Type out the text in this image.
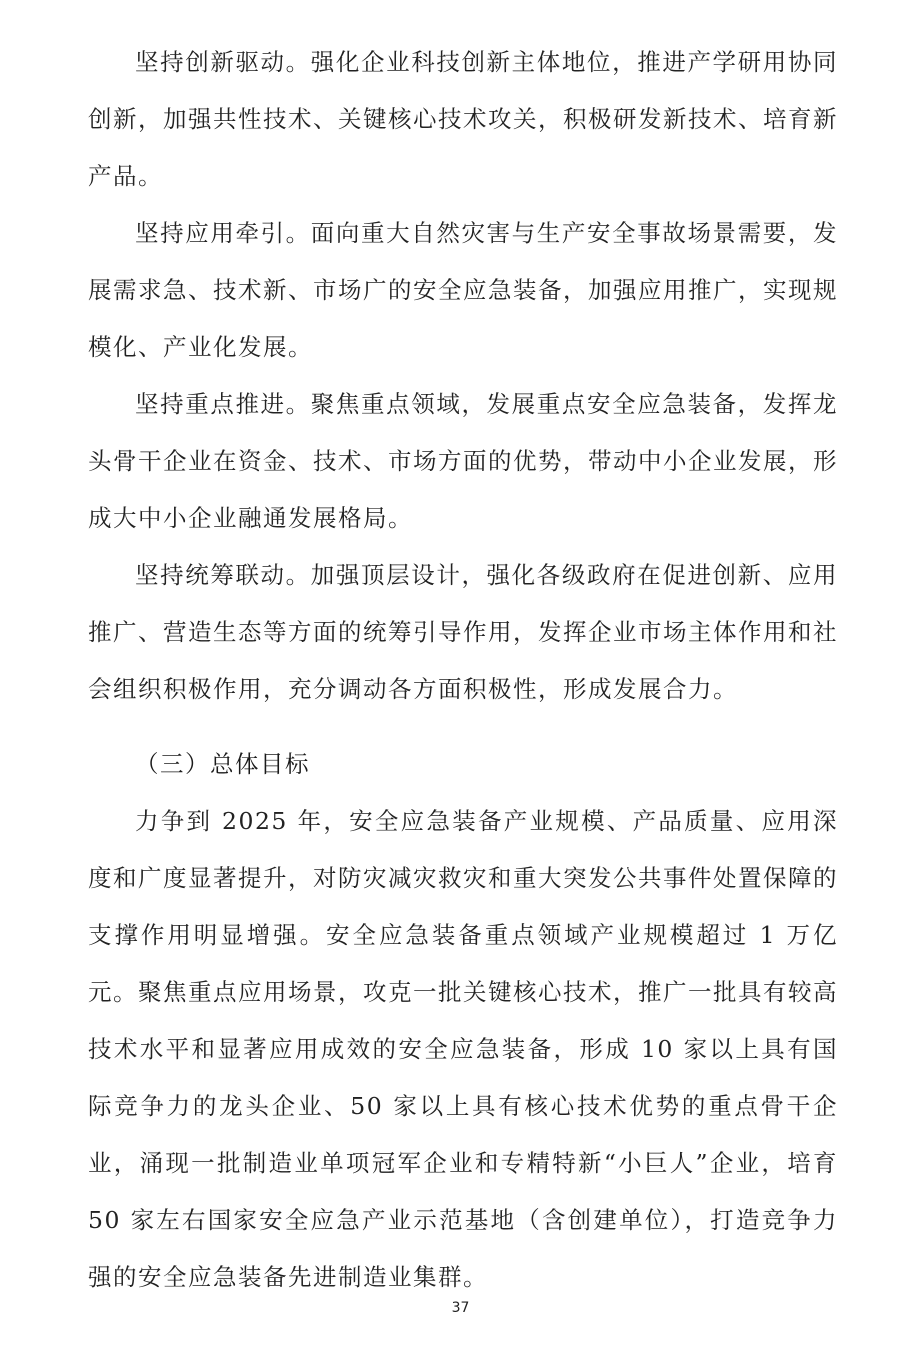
坚持创新驱动。强化企业科技创新主体地位，推进产学研用协同创新，加强共性技术、关键核心技术攻关，积极研发新技术、培育新产品。

坚持应用牵引。面向重大自然灾害与生产安全事故场景需要，发展需求急、技术新、市场广的安全应急装备，加强应用推广，实现规模化、产业化发展。

坚持重点推进。聚焦重点领域，发展重点安全应急装备，发挥龙头骨干企业在资金、技术、市场方面的优势，带动中小企业发展，形成大中小企业融通发展格局。

坚持统筹联动。加强顶层设计，强化各级政府在促进创新、应用推广、营造生态等方面的统筹引导作用，发挥企业市场主体作用和社会组织积极作用，充分调动各方面积极性，形成发展合力。

（三）总体目标

力争到 2025 年，安全应急装备产业规模、产品质量、应用深度和广度显著提升，对防灾减灾救灾和重大突发公共事件处置保障的支撑作用明显增强。安全应急装备重点领域产业规模超过 1 万亿元。聚焦重点应用场景，攻克一批关键核心技术，推广一批具有较高技术水平和显著应用成效的安全应急装备，形成 10 家以上具有国际竞争力的龙头企业、50 家以上具有核心技术优势的重点骨干企业，涌现一批制造业单项冠军企业和专精特新“小巨人”企业，培育 50 家左右国家安全应急产业示范基地（含创建单位），打造竞争力强的安全应急装备先进制造业集群。

37
